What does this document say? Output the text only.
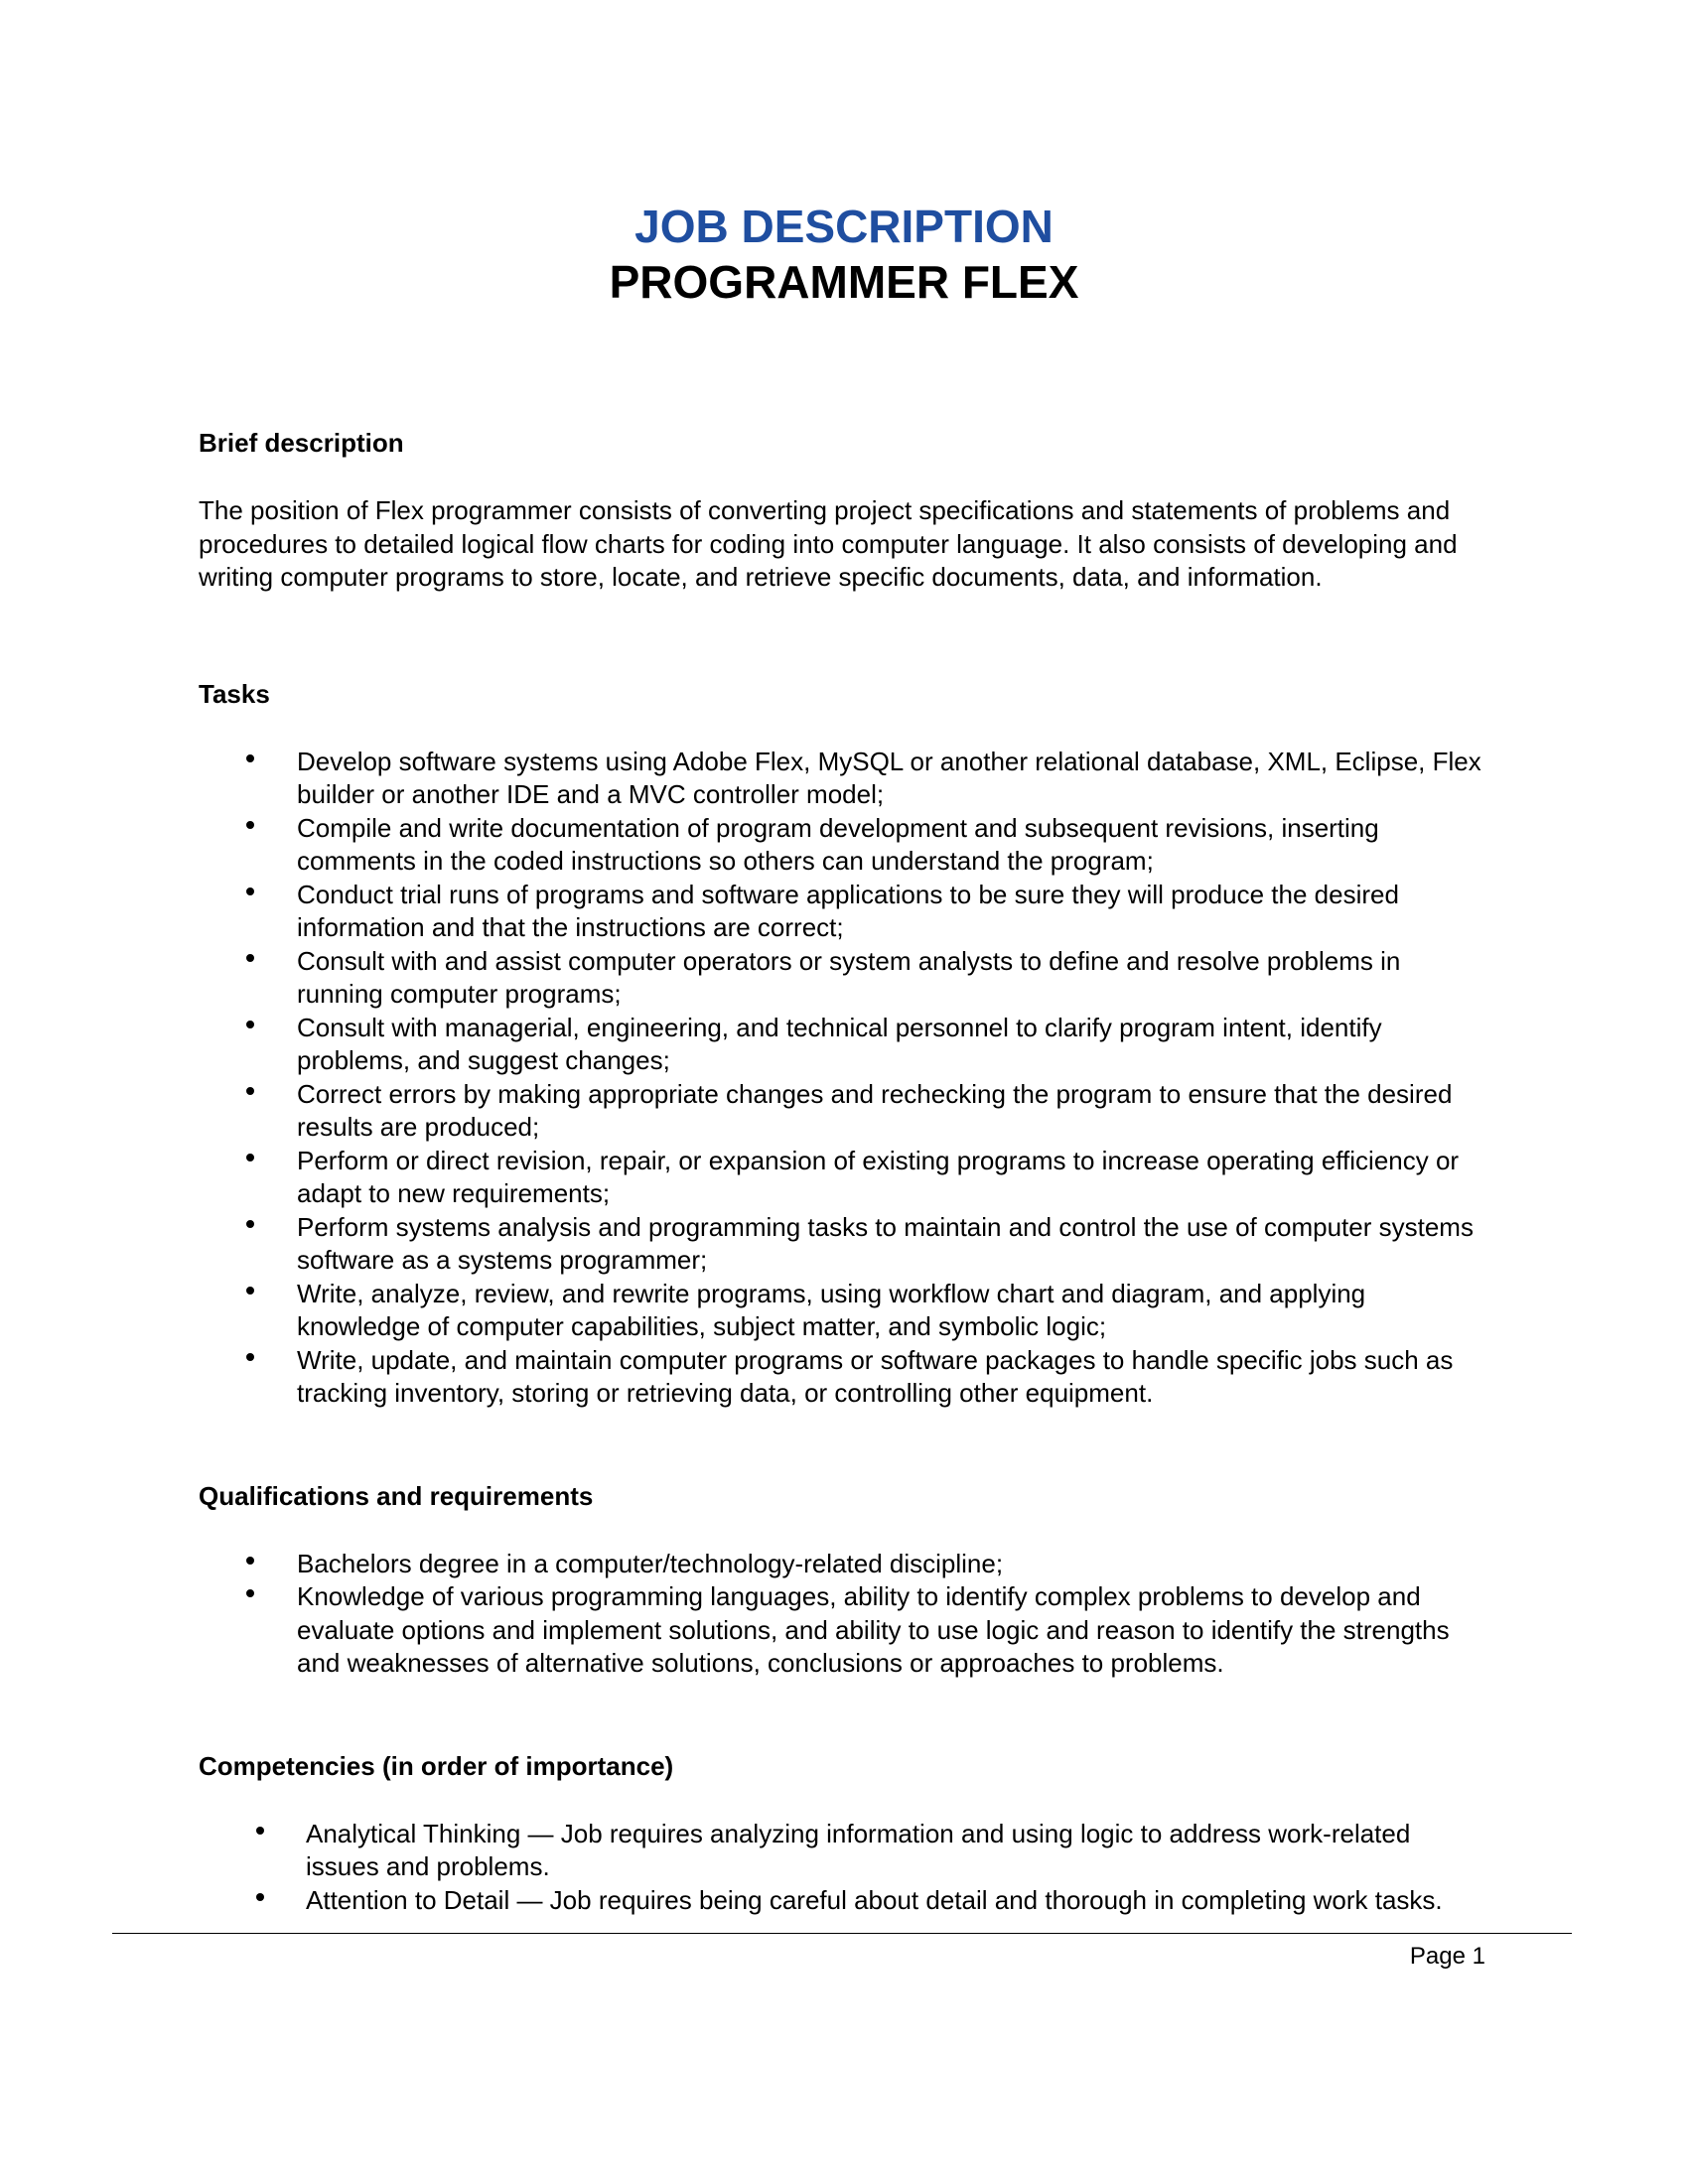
JOB DESCRIPTION
PROGRAMMER FLEX
Brief description

The position of Flex programmer consists of converting project specifications and statements of problems and procedures to detailed logical flow charts for coding into computer language. It also consists of developing and writing computer programs to store, locate, and retrieve specific documents, data, and information.

Tasks
Develop software systems using Adobe Flex, MySQL or another relational database, XML, Eclipse, Flex builder or another IDE and a MVC controller model;
Compile and write documentation of program development and subsequent revisions, inserting comments in the coded instructions so others can understand the program;
Conduct trial runs of programs and software applications to be sure they will produce the desired information and that the instructions are correct;
Consult with and assist computer operators or system analysts to define and resolve problems in running computer programs;
Consult with managerial, engineering, and technical personnel to clarify program intent, identify problems, and suggest changes;
Correct errors by making appropriate changes and rechecking the program to ensure that the desired results are produced;
Perform or direct revision, repair, or expansion of existing programs to increase operating efficiency or adapt to new requirements;
Perform systems analysis and programming tasks to maintain and control the use of computer systems software as a systems programmer;
Write, analyze, review, and rewrite programs, using workflow chart and diagram, and applying knowledge of computer capabilities, subject matter, and symbolic logic;
Write, update, and maintain computer programs or software packages to handle specific jobs such as tracking inventory, storing or retrieving data, or controlling other equipment.
Qualifications and requirements
Bachelors degree in a computer/technology-related discipline;
Knowledge of various programming languages, ability to identify complex problems to develop and evaluate options and implement solutions, and ability to use logic and reason to identify the strengths and weaknesses of alternative solutions, conclusions or approaches to problems.
Competencies (in order of importance)
Analytical Thinking — Job requires analyzing information and using logic to address work-related issues and problems.
Attention to Detail — Job requires being careful about detail and thorough in completing work tasks.
Page 1
